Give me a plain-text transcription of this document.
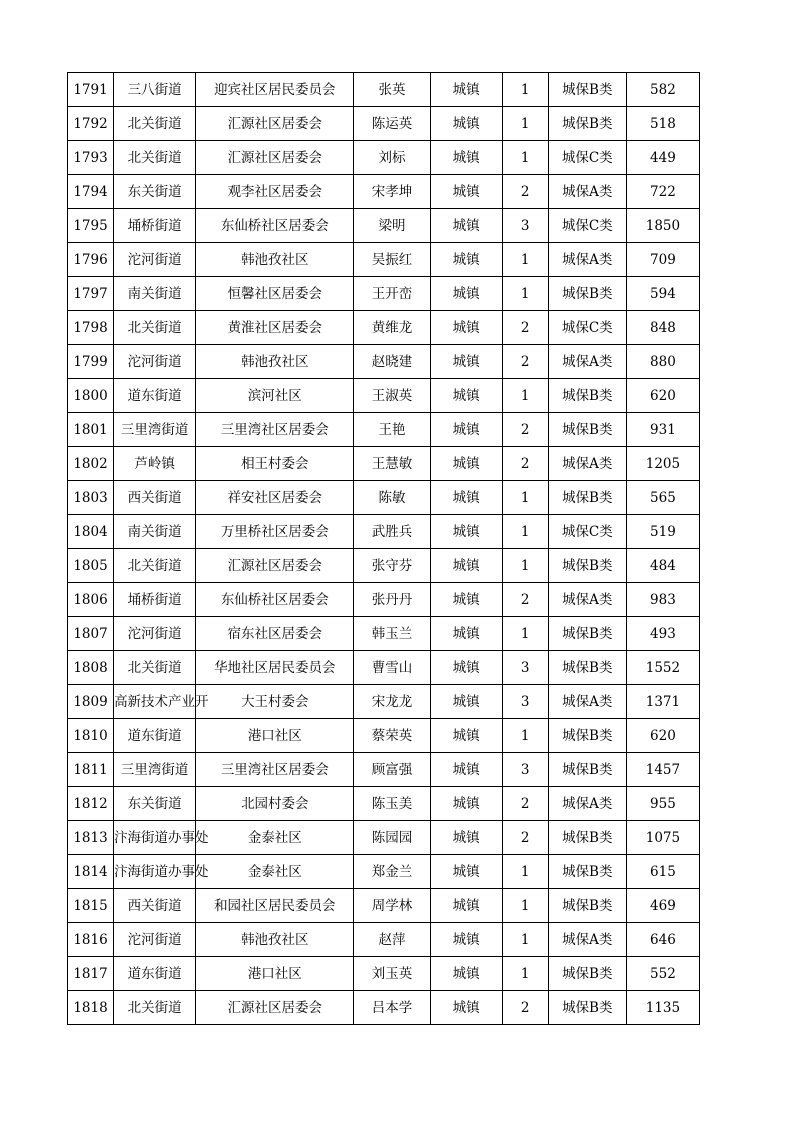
1791	三八街道	迎宾社区居民委员会	张英	城镇	1	城保B类	582
1792	北关街道	汇源社区居委会	陈运英	城镇	1	城保B类	518
1793	北关街道	汇源社区居委会	刘标	城镇	1	城保C类	449
1794	东关街道	观李社区居委会	宋孝坤	城镇	2	城保A类	722
1795	埇桥街道	东仙桥社区居委会	梁明	城镇	3	城保C类	1850
1796	沱河街道	韩池孜社区	吴振红	城镇	1	城保A类	709
1797	南关街道	恒馨社区居委会	王开峦	城镇	1	城保B类	594
1798	北关街道	黄淮社区居委会	黄维龙	城镇	2	城保C类	848
1799	沱河街道	韩池孜社区	赵晓建	城镇	2	城保A类	880
1800	道东街道	滨河社区	王淑英	城镇	1	城保B类	620
1801	三里湾街道	三里湾社区居委会	王艳	城镇	2	城保B类	931
1802	芦岭镇	相王村委会	王慧敏	城镇	2	城保A类	1205
1803	西关街道	祥安社区居委会	陈敏	城镇	1	城保B类	565
1804	南关街道	万里桥社区居委会	武胜兵	城镇	1	城保C类	519
1805	北关街道	汇源社区居委会	张守芬	城镇	1	城保B类	484
1806	埇桥街道	东仙桥社区居委会	张丹丹	城镇	2	城保A类	983
1807	沱河街道	宿东社区居委会	韩玉兰	城镇	1	城保B类	493
1808	北关街道	华地社区居民委员会	曹雪山	城镇	3	城保B类	1552
1809	高新技术产业开	大王村委会	宋龙龙	城镇	3	城保A类	1371
1810	道东街道	港口社区	蔡荣英	城镇	1	城保B类	620
1811	三里湾街道	三里湾社区居委会	顾富强	城镇	3	城保B类	1457
1812	东关街道	北园村委会	陈玉美	城镇	2	城保A类	955
1813	汴海街道办事处	金泰社区	陈园园	城镇	2	城保B类	1075
1814	汴海街道办事处	金泰社区	郑金兰	城镇	1	城保B类	615
1815	西关街道	和园社区居民委员会	周学林	城镇	1	城保B类	469
1816	沱河街道	韩池孜社区	赵萍	城镇	1	城保A类	646
1817	道东街道	港口社区	刘玉英	城镇	1	城保B类	552
1818	北关街道	汇源社区居委会	吕本学	城镇	2	城保B类	1135
